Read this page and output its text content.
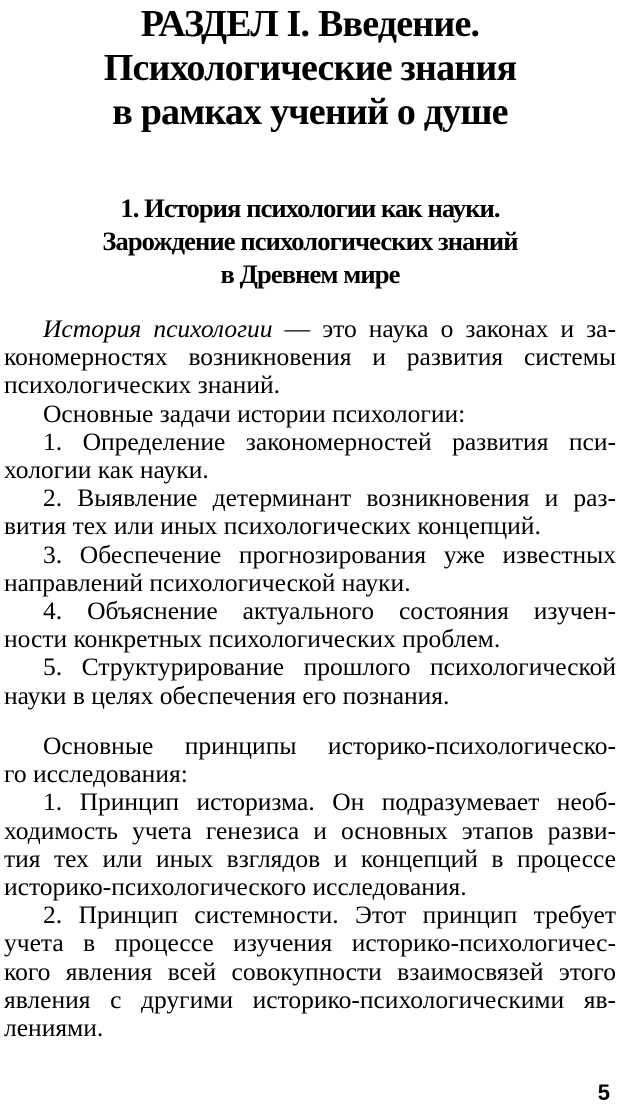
РАЗДЕЛ I. Введение.
Психологические знания
в рамках учений о душе
1. История психологии как науки.
Зарождение психологических знаний
в Древнем мире
История психологии — это наука о законах и за-
кономерностях возникновения и развития системы
психологических знаний.
Основные задачи истории психологии:
1. Определение закономерностей развития пси-
хологии как науки.
2. Выявление детерминант возникновения и раз-
вития тех или иных психологических концепций.
3. Обеспечение прогнозирования уже известных
направлений психологической науки.
4. Объяснение актуального состояния изучен-
ности конкретных психологических проблем.
5. Структурирование прошлого психологической
науки в целях обеспечения его познания.
Основные принципы историко-психологическо-
го исследования:
1. Принцип историзма. Он подразумевает необ-
ходимость учета генезиса и основных этапов разви-
тия тех или иных взглядов и концепций в процессе
историко-психологического исследования.
2. Принцип системности. Этот принцип требует
учета в процессе изучения историко-психологичес-
кого явления всей совокупности взаимосвязей этого
явления с другими историко-психологическими яв-
лениями.
5
